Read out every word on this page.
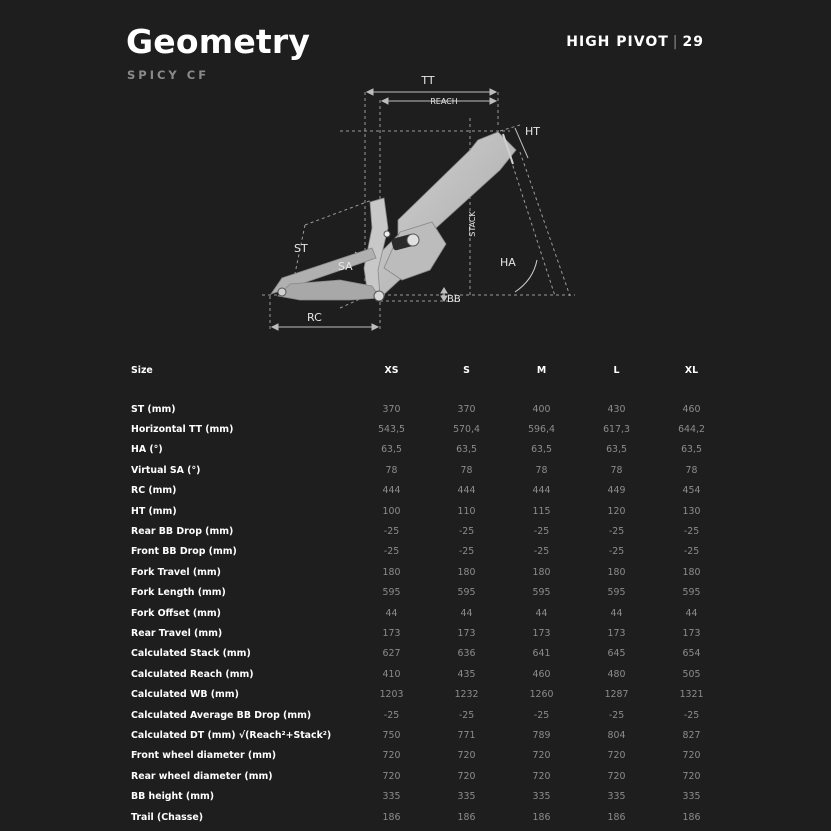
Geometry
SPICY CF
HIGH PIVOT | 29
TT
REACH
HT
STACK
ST
SA	HA
RC
BB
Size	XS	S	M	L	XL

ST (mm)	370	370	400	430	460
Horizontal TT (mm)	543,5	570,4	596,4	617,3	644,2
HA (°)	63,5	63,5	63,5	63,5	63,5
Virtual SA (°)	78	78	78	78	78
RC (mm)	444	444	444	449	454
HT (mm)	100	110	115	120	130
Rear BB Drop (mm)	-25	-25	-25	-25	-25
Front BB Drop (mm)	-25	-25	-25	-25	-25
Fork Travel (mm)	180	180	180	180	180
Fork Length (mm)	595	595	595	595	595
Fork Offset (mm)	44	44	44	44	44
Rear Travel (mm)	173	173	173	173	173
Calculated Stack (mm)	627	636	641	645	654
Calculated Reach (mm)	410	435	460	480	505
Calculated WB (mm)	1203	1232	1260	1287	1321
Calculated Average BB Drop (mm)	-25	-25	-25	-25	-25
Calculated DT (mm) √(Reach²+Stack²)	750	771	789	804	827
Front wheel diameter (mm)	720	720	720	720	720
Rear wheel diameter (mm)	720	720	720	720	720
BB height (mm)	335	335	335	335	335
Trail (Chasse)	186	186	186	186	186
